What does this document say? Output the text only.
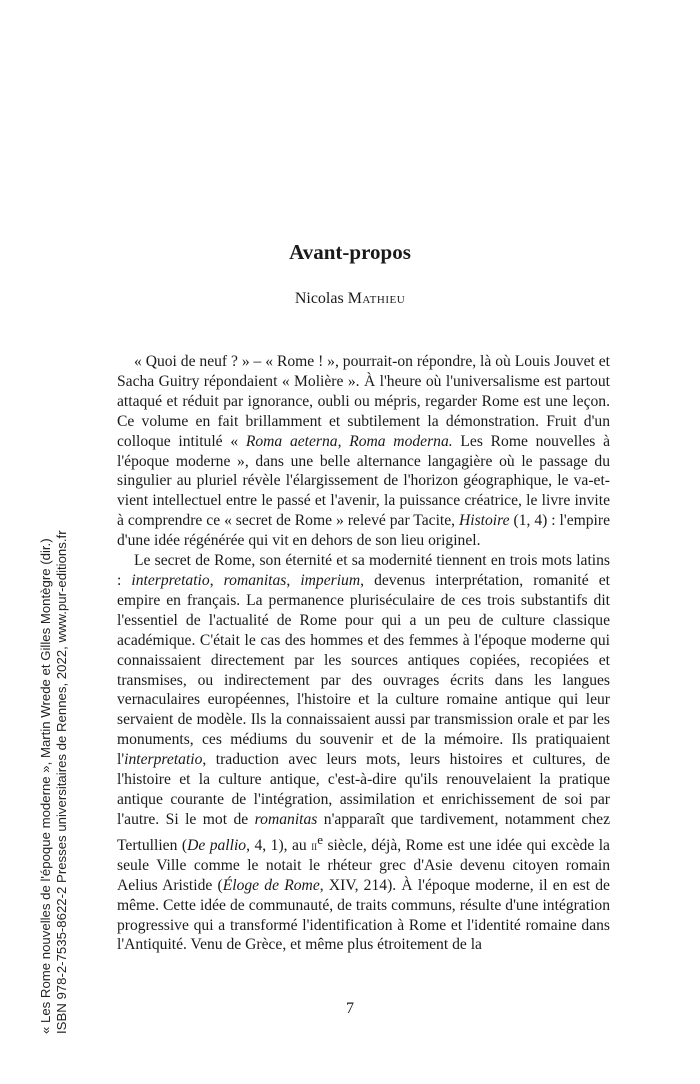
« Les Rome nouvelles de l'époque moderne », Martin Wrede et Gilles Montègre (dir.) ISBN 978-2-7535-8622-2 Presses universitaires de Rennes, 2022, www.pur-editions.fr
Avant-propos
Nicolas Mathieu

« Quoi de neuf ? » – « Rome ! », pourrait-on répondre, là où Louis Jouvet et Sacha Guitry répondaient « Molière ». À l'heure où l'universalisme est partout attaqué et réduit par ignorance, oubli ou mépris, regarder Rome est une leçon. Ce volume en fait brillamment et subtilement la démonstration. Fruit d'un colloque intitulé « Roma aeterna, Roma moderna. Les Rome nouvelles à l'époque moderne », dans une belle alternance langagière où le passage du singulier au pluriel révèle l'élargissement de l'horizon géographique, le va-et-vient intellectuel entre le passé et l'avenir, la puissance créatrice, le livre invite à comprendre ce « secret de Rome » relevé par Tacite, Histoire (1, 4) : l'empire d'une idée régénérée qui vit en dehors de son lieu originel.

Le secret de Rome, son éternité et sa modernité tiennent en trois mots latins : interpretatio, romanitas, imperium, devenus interprétation, romanité et empire en français. La permanence pluriséculaire de ces trois substantifs dit l'essentiel de l'actualité de Rome pour qui a un peu de culture classique académique. C'était le cas des hommes et des femmes à l'époque moderne qui connaissaient directement par les sources antiques copiées, recopiées et transmises, ou indirectement par des ouvrages écrits dans les langues vernaculaires européennes, l'histoire et la culture romaine antique qui leur servaient de modèle. Ils la connaissaient aussi par transmission orale et par les monuments, ces médiums du souvenir et de la mémoire. Ils pratiquaient l'interpretatio, traduction avec leurs mots, leurs histoires et cultures, de l'histoire et la culture antique, c'est-à-dire qu'ils renouvelaient la pratique antique courante de l'intégration, assimilation et enrichissement de soi par l'autre. Si le mot de romanitas n'apparaît que tardivement, notamment chez Tertullien (De pallio, 4, 1), au $ii^e$ siècle, déjà, Rome est une idée qui excède la seule Ville comme le notait le rhéteur grec d'Asie devenu citoyen romain Aelius Aristide (Éloge de Rome, XIV, 214). À l'époque moderne, il en est de même. Cette idée de communauté, de traits communs, résulte d'une intégration progressive qui a transformé l'identification à Rome et l'identité romaine dans l'Antiquité. Venu de Grèce, et même plus étroitement de la

7
